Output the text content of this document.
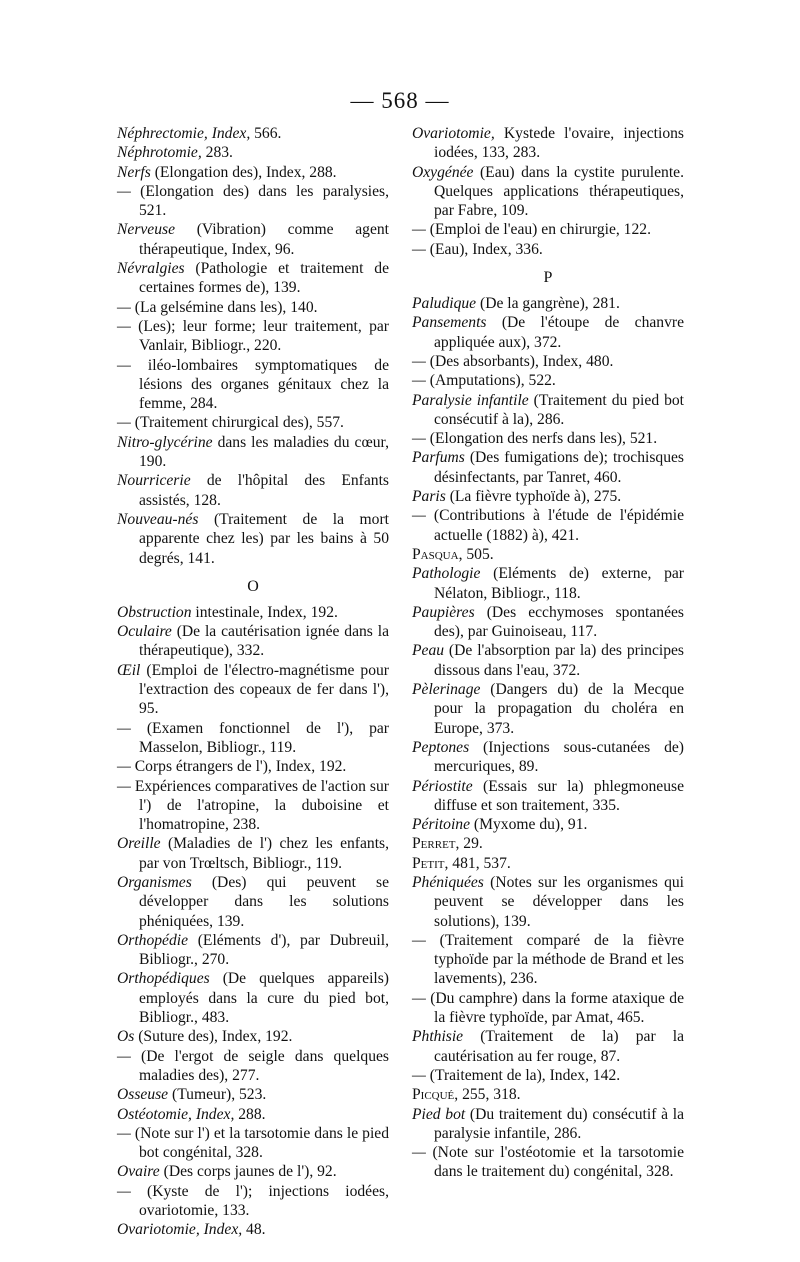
— 568 —
Néphrectomie, Index, 566.
Néphrotomie, 283.
Nerfs (Elongation des), Index, 288.
— (Elongation des) dans les paralysies, 521.
Nerveuse (Vibration) comme agent thérapeutique, Index, 96.
Névralgies (Pathologie et traitement de certaines formes de), 139.
— (La gelsémine dans les), 140.
— (Les); leur forme; leur traitement, par Vanlair, Bibliogr., 220.
— iléo-lombaires symptomatiques de lésions des organes génitaux chez la femme, 284.
— (Traitement chirurgical des), 557.
Nitro-glycérine dans les maladies du cœur, 190.
Nourricerie de l'hôpital des Enfants assistés, 128.
Nouveau-nés (Traitement de la mort apparente chez les) par les bains à 50 degrés, 141.
O
Obstruction intestinale, Index, 192.
Oculaire (De la cautérisation ignée dans la thérapeutique), 332.
Œil (Emploi de l'électro-magnétisme pour l'extraction des copeaux de fer dans l'), 95.
— (Examen fonctionnel de l'), par Masselon, Bibliogr., 119.
— Corps étrangers de l'), Index, 192.
— Expériences comparatives de l'action sur l') de l'atropine, la duboisine et l'homatropine, 238.
Oreille (Maladies de l') chez les enfants, par von Trœltsch, Bibliogr., 119.
Organismes (Des) qui peuvent se développer dans les solutions phéniquées, 139.
Orthopédie (Eléments d'), par Dubreuil, Bibliogr., 270.
Orthopédiques (De quelques appareils) employés dans la cure du pied bot, Bibliogr., 483.
Os (Suture des), Index, 192.
— (De l'ergot de seigle dans quelques maladies des), 277.
Osseuse (Tumeur), 523.
Ostéotomie, Index, 288.
— (Note sur l') et la tarsotomie dans le pied bot congénital, 328.
Ovaire (Des corps jaunes de l'), 92.
— (Kyste de l'); injections iodées, ovariotomie, 133.
Ovariotomie, Index, 48.
Ovariotomie, Kystede l'ovaire, injections iodées, 133, 283.
Oxygénée (Eau) dans la cystite purulente. Quelques applications thérapeutiques, par Fabre, 109.
— (Emploi de l'eau) en chirurgie, 122.
— (Eau), Index, 336.
P
Paludique (De la gangrène), 281.
Pansements (De l'étoupe de chanvre appliquée aux), 372.
— (Des absorbants), Index, 480.
— (Amputations), 522.
Paralysie infantile (Traitement du pied bot consécutif à la), 286.
— (Elongation des nerfs dans les), 521.
Parfums (Des fumigations de); trochisques désinfectants, par Tanret, 460.
Paris (La fièvre typhoïde à), 275.
— (Contributions à l'étude de l'épidémie actuelle (1882) à), 421.
Pasqua, 505.
Pathologie (Eléments de) externe, par Nélaton, Bibliogr., 118.
Paupières (Des ecchymoses spontanées des), par Guinoiseau, 117.
Peau (De l'absorption par la) des principes dissous dans l'eau, 372.
Pèlerinage (Dangers du) de la Mecque pour la propagation du choléra en Europe, 373.
Peptones (Injections sous-cutanées de) mercuriques, 89.
Périostite (Essais sur la) phlegmoneuse diffuse et son traitement, 335.
Péritoine (Myxome du), 91.
Perret, 29.
Petit, 481, 537.
Phéniquées (Notes sur les organismes qui peuvent se développer dans les solutions), 139.
— (Traitement comparé de la fièvre typhoïde par la méthode de Brand et les lavements), 236.
— (Du camphre) dans la forme ataxique de la fièvre typhoïde, par Amat, 465.
Phthisie (Traitement de la) par la cautérisation au fer rouge, 87.
— (Traitement de la), Index, 142.
Picqué, 255, 318.
Pied bot (Du traitement du) consécutif à la paralysie infantile, 286.
— (Note sur l'ostéotomie et la tarsotomie dans le traitement du) congénital, 328.
